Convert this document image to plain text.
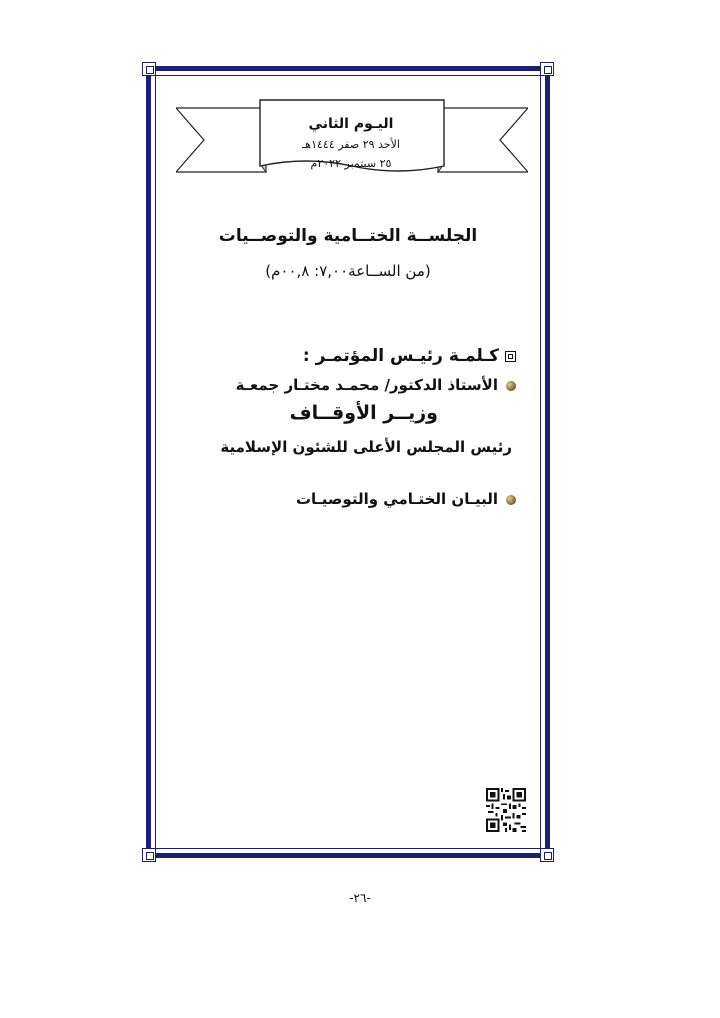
اليـوم الثاني
الأحد ٢٩ صفر ١٤٤٤هـ
٢٥ سبتمبر ٢٠٢٢م
الجلســة الختــامية والتوصــيات
(من الســاعة٧,٠٠: ٠٠,٨م)
كـلمـة رئيـس المؤتمـر :
الأستاذ الدكتور/ محمـد مختـار جمعـة
وزيــر الأوقــاف
رئيس المجلس الأعلى للشئون الإسلامية
البيـان الختـامي والتوصيـات
-٢٦-
